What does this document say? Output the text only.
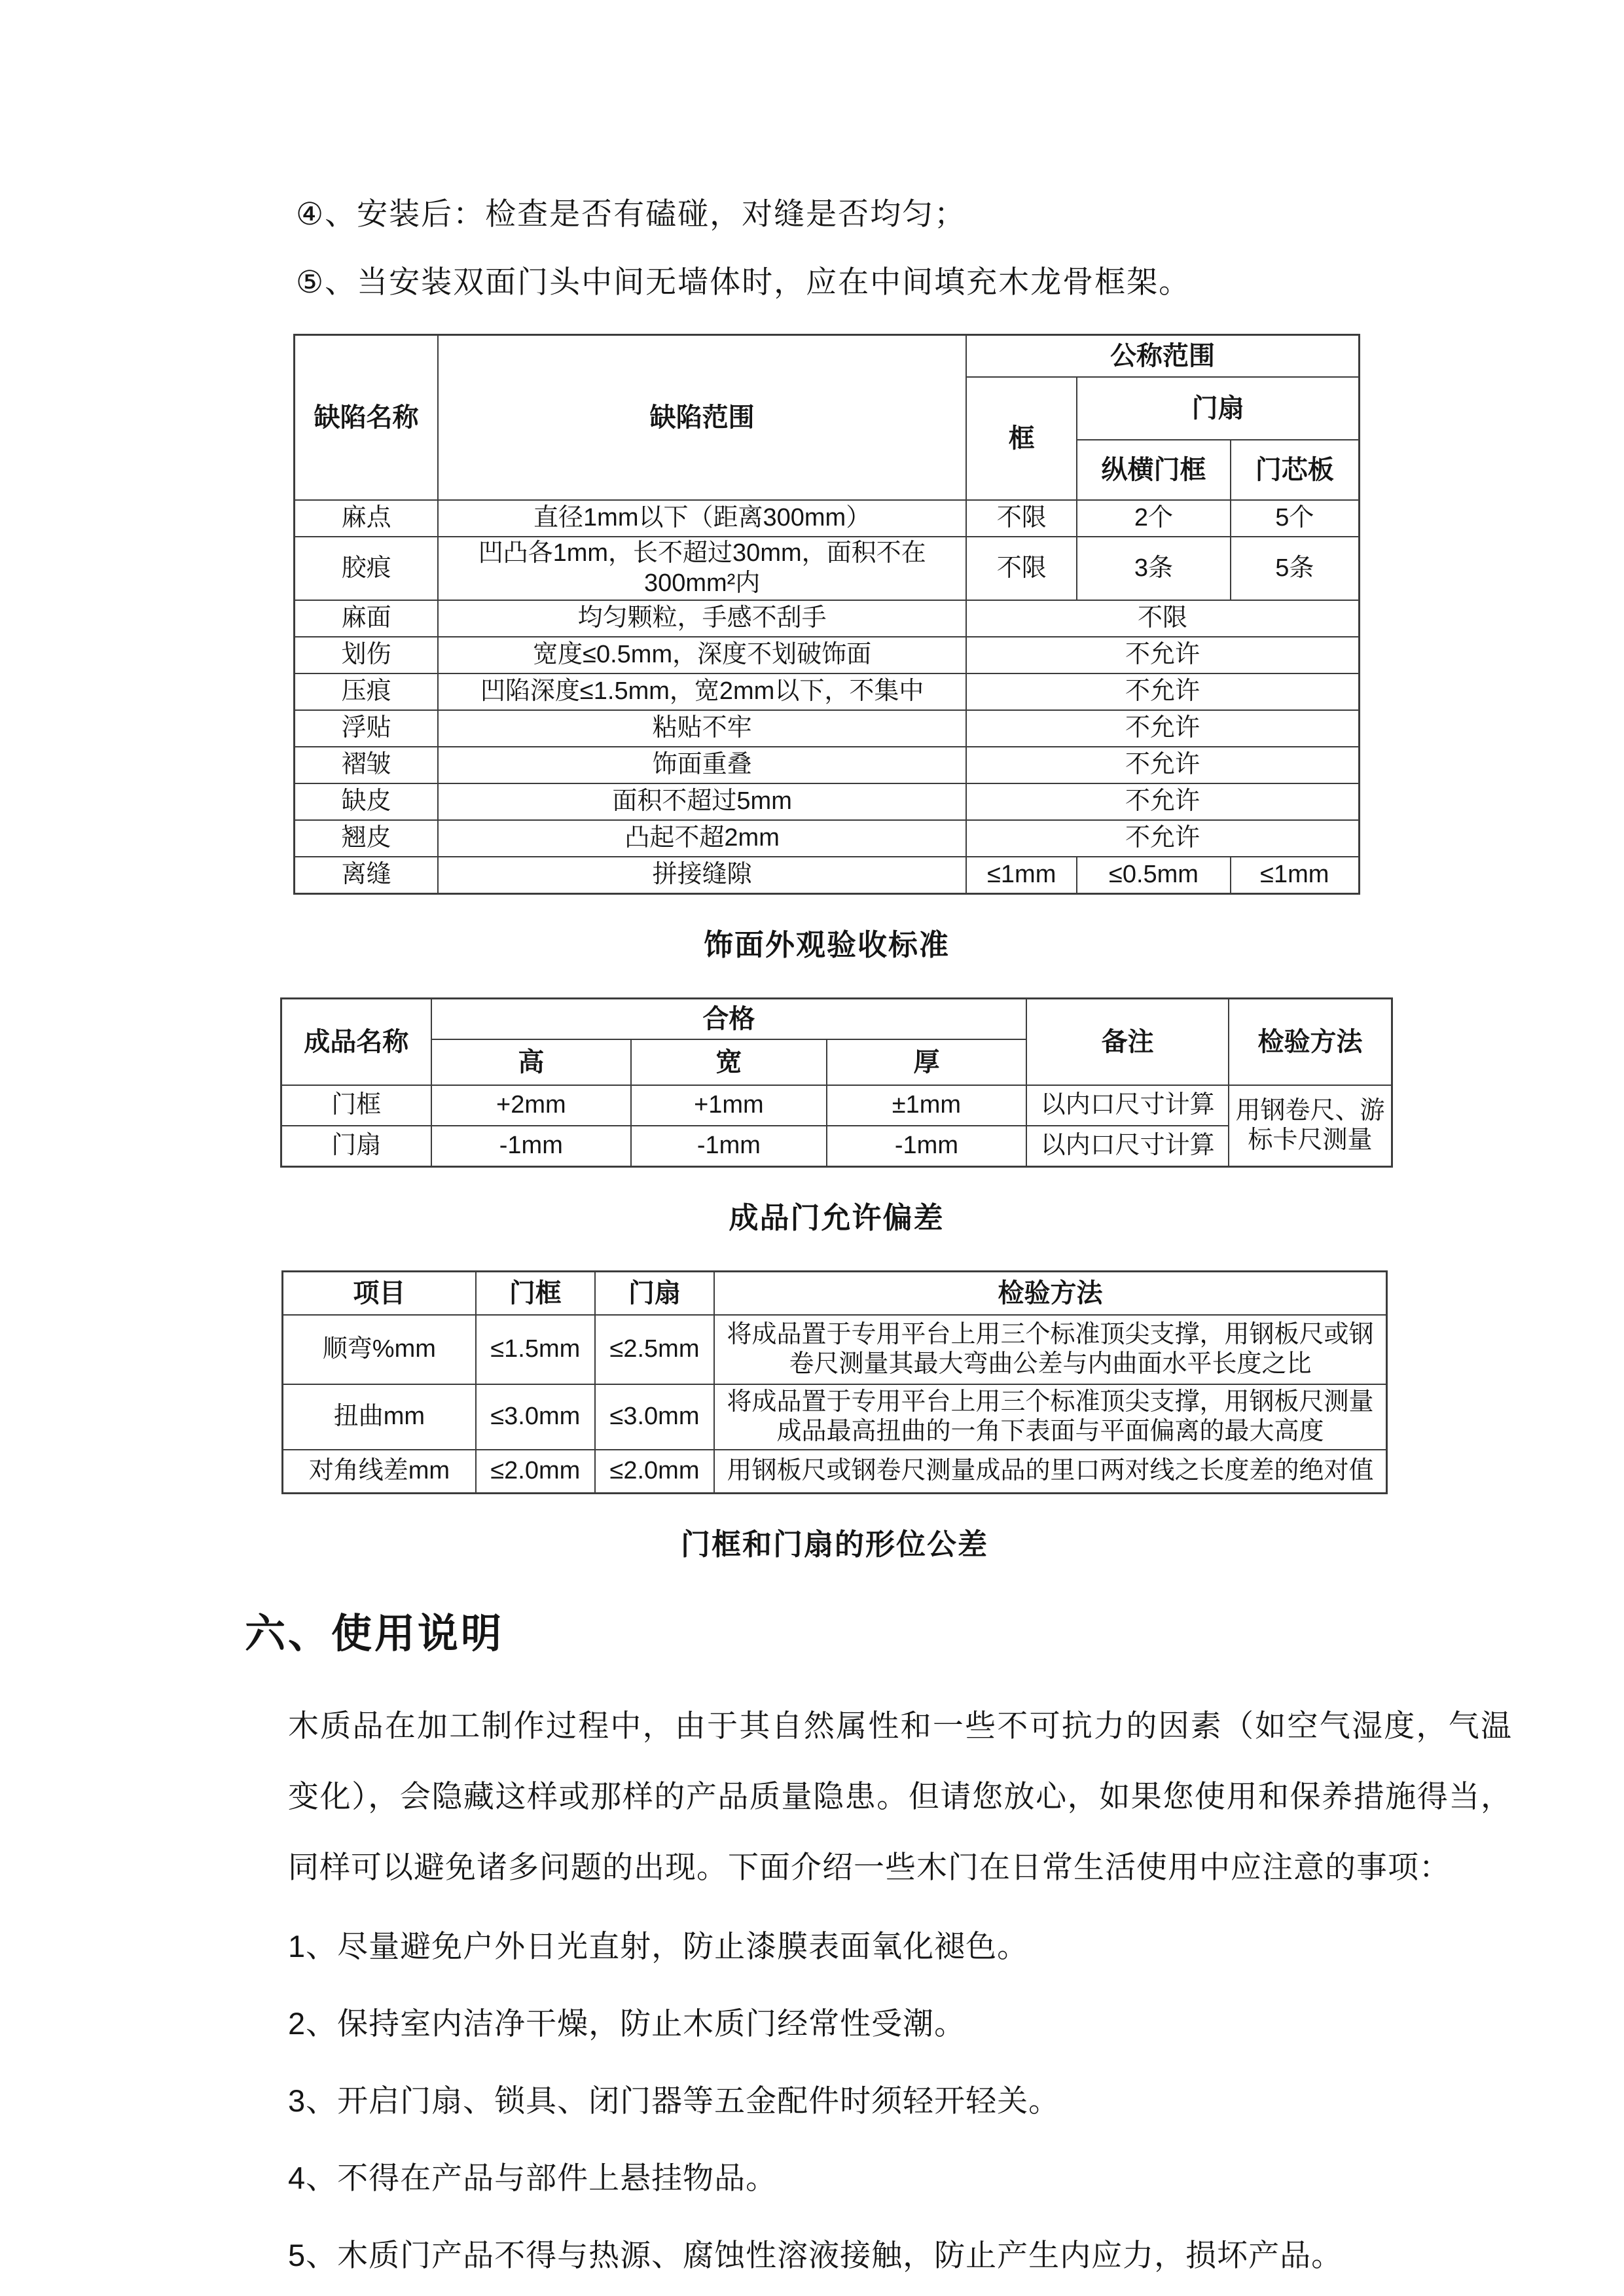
④、安装后：检查是否有磕碰，对缝是否均匀；
⑤、当安装双面门头中间无墙体时，应在中间填充木龙骨框架。
缺陷名称	缺陷范围	公称范围		
		框	门扇	
			纵横门框	门芯板
麻点	直径1mm以下（距离300mm）	不限	2个	5个
胶痕	凹凸各1mm，长不超过30mm，面积不在300mm²内	不限	3条	5条
麻面	均匀颗粒，手感不刮手	不限		
划伤	宽度≤0.5mm，深度不划破饰面	不允许		
压痕	凹陷深度≤1.5mm，宽2mm以下，不集中	不允许		
浮贴	粘贴不牢	不允许		
褶皱	饰面重叠	不允许		
缺皮	面积不超过5mm	不允许		
翘皮	凸起不超2mm	不允许		
离缝	拼接缝隙	≤1mm	≤0.5mm	≤1mm
饰面外观验收标准
成品名称	合格			备注	检验方法
	高	宽	厚		
门框	+2mm	+1mm	±1mm	以内口尺寸计算	用钢卷尺、游标卡尺测量
门扇	-1mm	-1mm	-1mm	以内口尺寸计算	
成品门允许偏差
项目	门框	门扇	检验方法
顺弯%mm	≤1.5mm	≤2.5mm	将成品置于专用平台上用三个标准顶尖支撑，用钢板尺或钢卷尺测量其最大弯曲公差与内曲面水平长度之比
扭曲mm	≤3.0mm	≤3.0mm	将成品置于专用平台上用三个标准顶尖支撑，用钢板尺测量成品最高扭曲的一角下表面与平面偏离的最大高度
对角线差mm	≤2.0mm	≤2.0mm	用钢板尺或钢卷尺测量成品的里口两对线之长度差的绝对值
门框和门扇的形位公差
六、使用说明
木质品在加工制作过程中，由于其自然属性和一些不可抗力的因素（如空气湿度，气温变化），会隐藏这样或那样的产品质量隐患。但请您放心，如果您使用和保养措施得当，同样可以避免诸多问题的出现。下面介绍一些木门在日常生活使用中应注意的事项：
1、尽量避免户外日光直射，防止漆膜表面氧化褪色。
2、保持室内洁净干燥，防止木质门经常性受潮。
3、开启门扇、锁具、闭门器等五金配件时须轻开轻关。
4、不得在产品与部件上悬挂物品。
5、木质门产品不得与热源、腐蚀性溶液接触，防止产生内应力，损坏产品。
